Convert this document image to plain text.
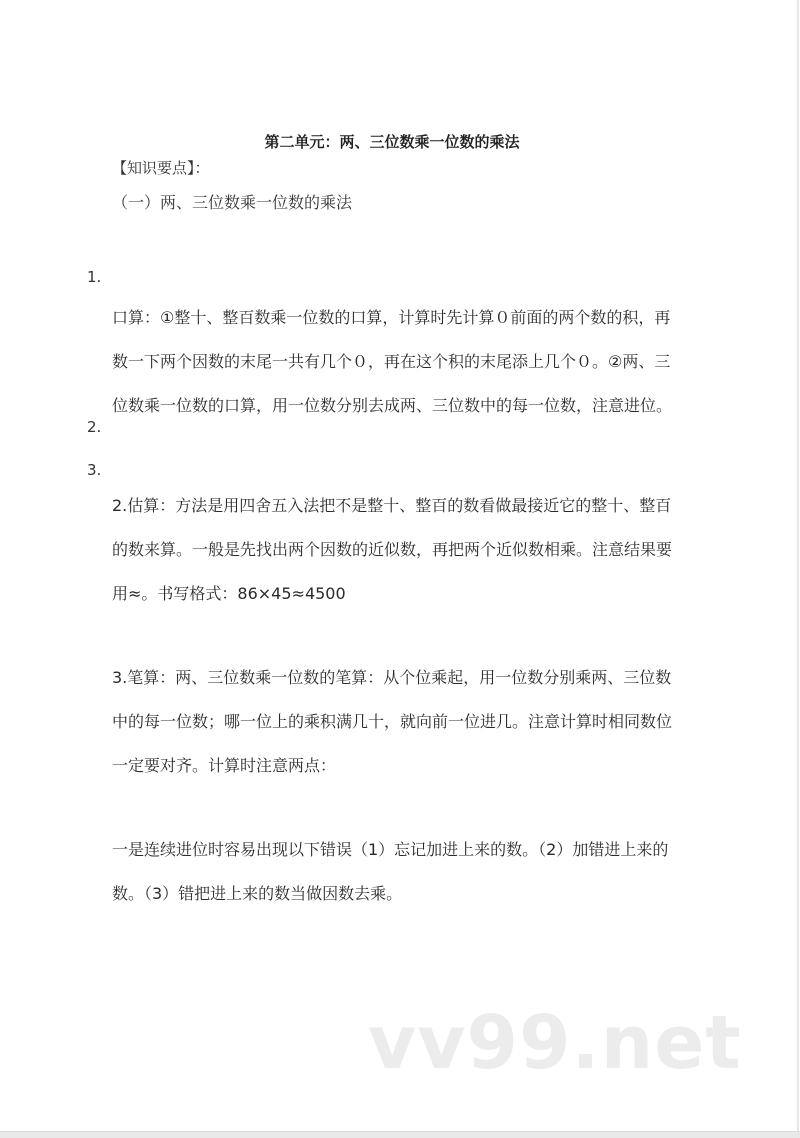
第二单元：两、三位数乘一位数的乘法
【知识要点】：
（一）两、三位数乘一位数的乘法
1.
口算：①整十、整百数乘一位数的口算，计算时先计算０前面的两个数的积，再
数一下两个因数的末尾一共有几个０，再在这个积的末尾添上几个０。②两、三
位数乘一位数的口算，用一位数分别去成两、三位数中的每一位数，注意进位。
2.
3.
2.估算：方法是用四舍五入法把不是整十、整百的数看做最接近它的整十、整百
的数来算。一般是先找出两个因数的近似数，再把两个近似数相乘。注意结果要
用≈。书写格式：86×45≈4500
3.笔算：两、三位数乘一位数的笔算：从个位乘起，用一位数分别乘两、三位数
中的每一位数；哪一位上的乘积满几十，就向前一位进几。注意计算时相同数位
一定要对齐。计算时注意两点：
一是连续进位时容易出现以下错误（1）忘记加进上来的数。（2）加错进上来的
数。（3）错把进上来的数当做因数去乘。
vv99.net
